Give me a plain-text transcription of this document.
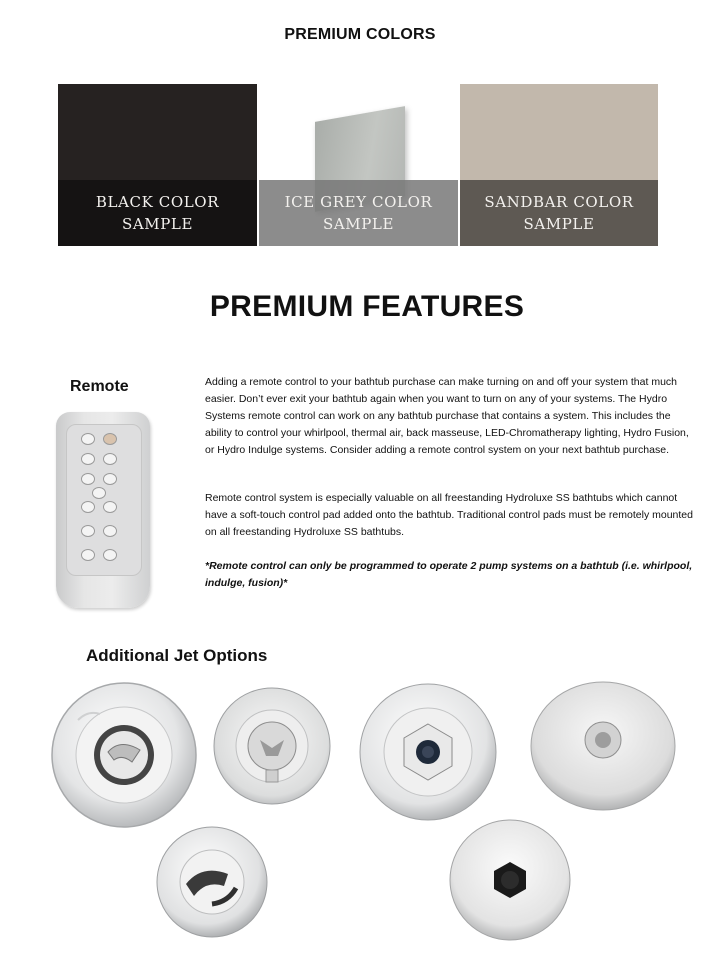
PREMIUM COLORS
BLACK COLOR
SAMPLE
ICE GREY COLOR
SAMPLE
SANDBAR COLOR
SAMPLE
PREMIUM FEATURES
Remote	Adding a remote control to your bathtub purchase can make turning on and off your system that much easier. Don’t ever exit your bathtub again when you want to turn on any of your systems. The Hydro Systems remote control can work on any bathtub purchase that contains a system. This includes the ability to control your whirlpool, thermal air, back masseuse, LED-Chromatherapy lighting, Hydro Fusion, or Hydro Indulge systems. Consider adding a remote control system on your next bathtub purchase.
Remote control system is especially valuable on all freestanding Hydroluxe SS bathtubs which cannot have a soft-touch control pad added onto the bathtub. Traditional control pads must be remotely mounted on all freestanding Hydroluxe SS bathtubs.
*Remote control can only be programmed to operate 2 pump systems on a bathtub (i.e. whirlpool, indulge, fusion)*
Additional Jet Options
